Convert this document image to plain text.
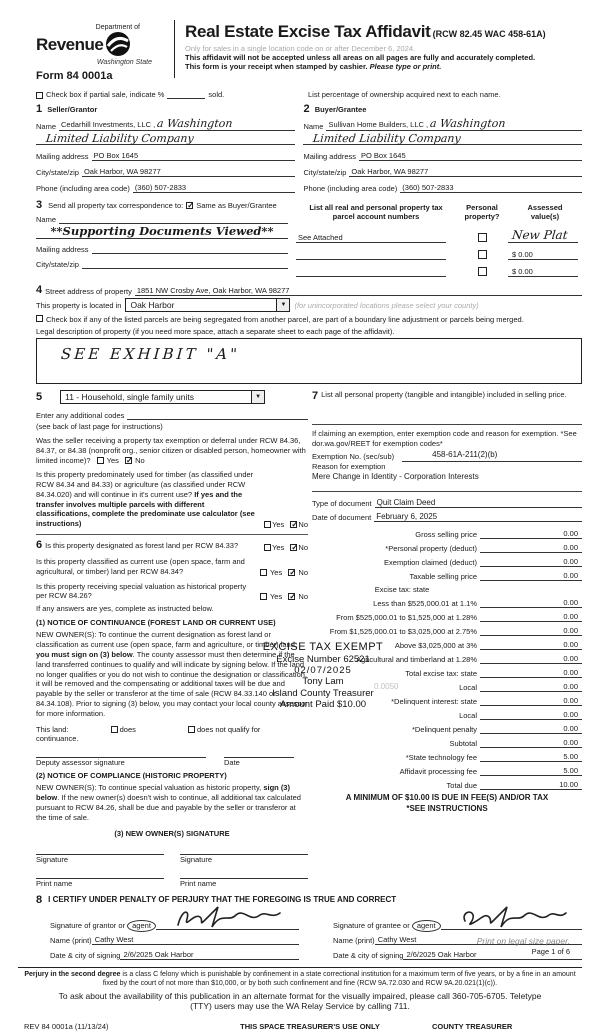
Department of
Revenue
Washington State
Form 84 0001a
Real Estate Excise Tax Affidavit (RCW 82.45 WAC 458-61A)
Only for sales in a single location code on or after December 6, 2024.
This affidavit will not be accepted unless all areas on all pages are fully and accurately completed.
This form is your receipt when stamped by cashier. Please type or print.
Check box if partial sale, indicate %	sold.	List percentage of ownership acquired next to each name.
1 Seller/Grantor
Name Cedarhill Investments, LLC , a Washington
Limited Liability Company
Mailing address PO Box 1645
City/state/zip Oak Harbor, WA 98277
Phone (including area code) (360) 507-2833
2 Buyer/Grantee
Name Sullivan Home Builders, LLC , a Washington
Limited Liability Company
Mailing address PO Box 1645
City/state/zip Oak Harbor, WA 98277
Phone (including area code) (360) 507-2833
3 Send all property tax correspondence to: ✓ Same as Buyer/Grantee
Name
**Supporting Documents Viewed**
Mailing address
City/state/zip
List all real and personal property tax
parcel account numbers
Personal
property?
Assessed
value(s)
See Attached	New Plat
$ 0.00
$ 0.00
4 Street address of property 1851 NW Crosby Ave, Oak Harbor, WA 98277
This property is located in	Oak Harbor	▼	(for unincorporated locations please select your county)
Check box if any of the listed parcels are being segregated from another parcel, are part of a boundary line adjustment or parcels being merged.
Legal description of property (if you need more space, attach a separate sheet to each page of the affidavit).
SEE EXHIBIT "A"
5	11 - Household, single family units	▼
Enter any additional codes
(see back of last page for instructions)
Was the seller receiving a property tax exemption or deferral under RCW 84.36, 84.37, or 84.38 (nonprofit org., senior citizen or disabled person, homeowner with limited income)? Yes ✓ No
Is this property predominately used for timber (as classified under RCW 84.34 and 84.33) or agriculture (as classified under RCW 84.34.020) and will continue in it's current use? If yes and the transfer involves multiple parcels with different classifications, complete the predominate use calculator (see instructions)	Yes ✓No
6 Is this property designated as forest land per RCW 84.33?	Yes ✓No
Is this property classified as current use (open space, farm and agricultural, or timber) land per RCW 84.34?	Yes ✓ No
Is this property receiving special valuation as historical property per RCW 84.26?	Yes ✓ No
If any answers are yes, complete as instructed below.
(1) NOTICE OF CONTINUANCE (FOREST LAND OR CURRENT USE)
NEW OWNER(S): To continue the current designation as forest land or classification as current use (open space, farm and agriculture, or timber) land, you must sign on (3) below. The county assessor must then determine if the land transferred continues to qualify and will indicate by signing below. If the land no longer qualifies or you do not wish to continue the designation or classification, it will be removed and the compensating or additional taxes will be due and payable by the seller or transferor at the time of sale (RCW 84.33.140 or 84.34.108). Prior to signing (3) below, you may contact your local county assessor for more information.
This land:	does	does not qualify for
continuance.
Deputy assessor signature	Date
(2) NOTICE OF COMPLIANCE (HISTORIC PROPERTY)
NEW OWNER(S): To continue special valuation as historic property, sign (3) below. If the new owner(s) doesn't wish to continue, all additional tax calculated pursuant to RCW 84.26, shall be due and payable by the seller or transferor at the time of sale.
(3) NEW OWNER(S) SIGNATURE
Signature	Signature
Print name	Print name
7 List all personal property (tangible and intangible) included in selling price.
If claiming an exemption, enter exemption code and reason for exemption. *See dor.wa.gov/REET for exemption codes*
Exemption No. (sec/sub)	458-61A-211(2)(b)
Reason for exemption
Mere Change in Identity - Corporation Interests
Type of document Quit Claim Deed
Date of document February 6, 2025
Gross selling price	0.00
*Personal property (deduct)	0.00
Exemption claimed (deduct)	0.00
Taxable selling price	0.00
Excise tax: state
Less than $525,000.01 at 1.1%	0.00
From $525,000.01 to $1,525,000 at 1.28%	0.00
From $1,525,000.01 to $3,025,000 at 2.75%	0.00
Above $3,025,000 at 3%	0.00
Agricultural and timberland at 1.28%	0.00
Total excise tax: state	0.00
0.0050	Local	0.00
*Delinquent interest: state	0.00
Local	0.00
*Delinquent penalty	0.00
Subtotal	0.00
*State technology fee	5.00
Affidavit processing fee	5.00
Total due	10.00
A MINIMUM OF $10.00 IS DUE IN FEE(S) AND/OR TAX
*SEE INSTRUCTIONS
EXCISE TAX EXEMPT
Excise Number 62521
02/07/2025
Tony Lam
Island County Treasurer
Amount Paid $10.00
8 I CERTIFY UNDER PENALTY OF PERJURY THAT THE FOREGOING IS TRUE AND CORRECT
Signature of grantor or agent
Name (print) Cathy West
Date & city of signing 2/6/2025 Oak Harbor
Signature of grantee or agent
Name (print) Cathy West
Date & city of signing 2/6/2025 Oak Harbor
Perjury in the second degree is a class C felony which is punishable by confinement in a state correctional institution for a maximum term of five years, or by a fine in an amount fixed by the court of not more than $10,000, or by both such confinement and fine (RCW 9A.72.030 and RCW 9A.20.021(1)(c)).
To ask about the availability of this publication in an alternate format for the visually impaired, please call 360-705-6705. Teletype (TTY) users may use the WA Relay Service by calling 711.
REV 84 0001a (11/13/24)	THIS SPACE TREASURER'S USE ONLY	COUNTY TREASURER
Print on legal size paper.
Page 1 of 6
